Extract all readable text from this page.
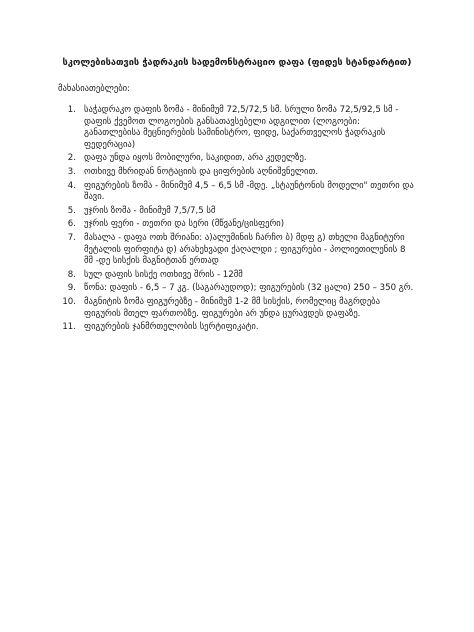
სკოლებისათვის ჭადრაკის სადემონსტრაციო დაფა (ფიდეს სტანდარტით)
მახასიათებლები:
1. საჭადრაკო დაფის ზომა - მინიმუმ 72,5/72,5 სმ. სრული ზომა 72,5/92,5 სმ - დაფის ქვემოთ ლოგოების განსათავსებელი ადგილით (ლოგოები: განათლებისა მეცნიერების სამინისტრო, ფიდე, საქართველოს ჭადრაკის ფედერაცია)
2. დაფა უნდა იყოს მობილური, საკიდით, არა კედელზე.
3. ოთხივე მხრიდან ნოტაციის და ციფრების აღნიშვნელით.
4. ფიგურების ზომა - მინიმუმ 4,5 – 6,5 სმ -მდე. „სტაუნტონის მოდელი" თეთრი და შავი.
5. უჯრის ზომა - მინიმუმ 7,5/7,5 სმ
6. უჯრის ფერი - თეთრი და სერი (მწვანე/ცისფერი)
7. მასალა - დაფა ოთხ შრიანი: ა)ალუმინის ჩარჩო ბ) მდფ გ) თხელი მაგნიტური მეტალის ფირფიტა დ) არახეხვადი ქაღალდი ; ფიგურები - პოლიეთილენის 8 მმ -დე სისქის მაგნიტთან ერთად
8. სულ დაფის სისქე ოთხივე შრის - 12მმ
9. წონა: დაფის - 6,5 – 7 კგ. (საგარაუდოდ); ფიგურების (32 ცალი) 250 – 350 გრ.
10. მაგნიტის ზომა ფიგურებზე - მინიმუმ 1-2 მმ სისქის, რომელიც მაგრდება ფიგურის მთელ ფართობზე. ფიგურები არ უნდა ცურავდეს დაფაზე.
11. ფიგურების ჯანმრთელობის სერტიფიკატი.
